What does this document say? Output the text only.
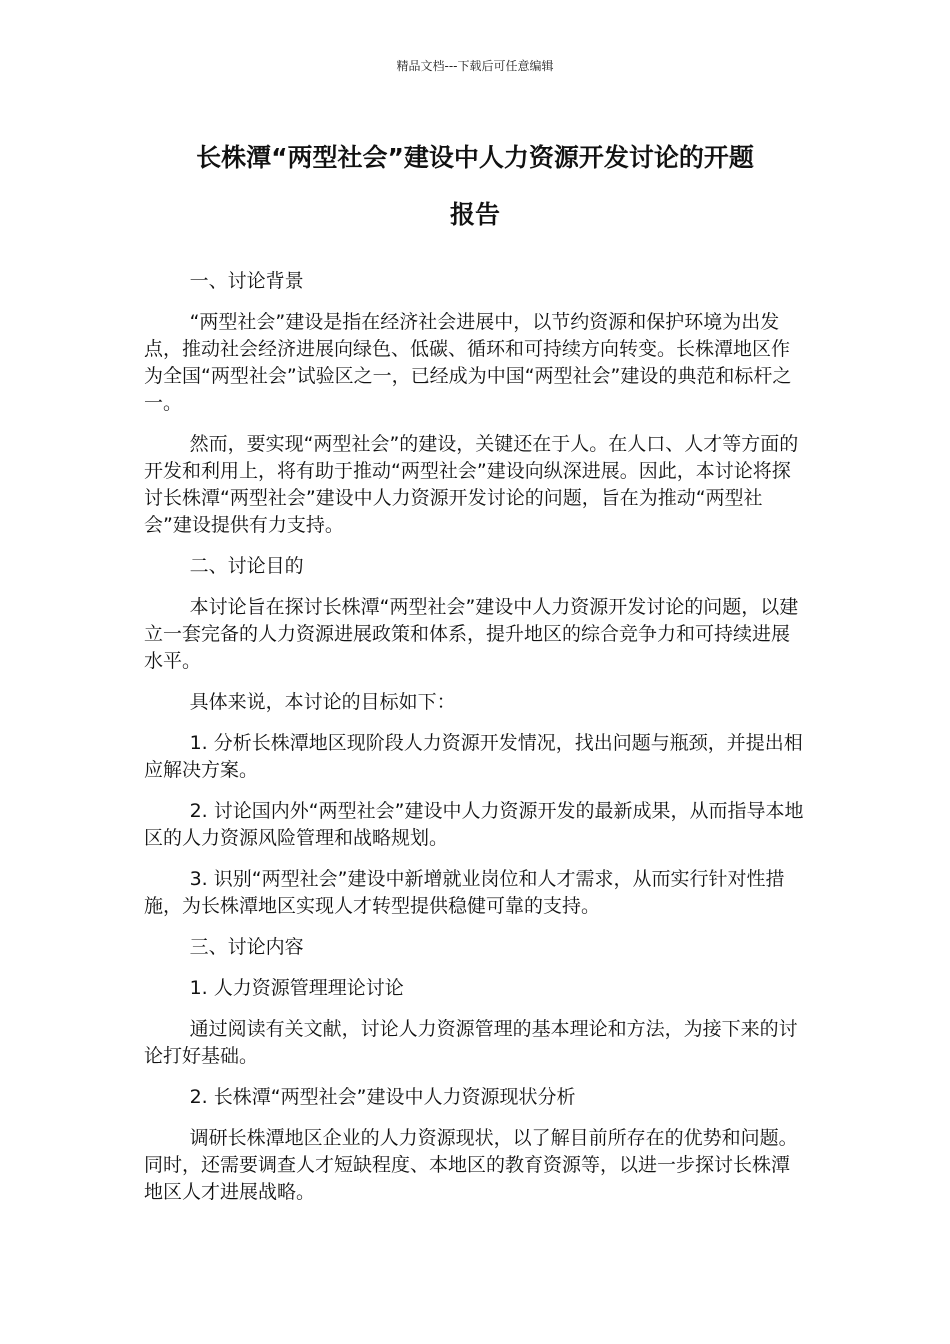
精品文档---下载后可任意编辑
长株潭“两型社会”建设中人力资源开发讨论的开题
报告

一、讨论背景

“两型社会”建设是指在经济社会进展中，以节约资源和保护环境为出发点，推动社会经济进展向绿色、低碳、循环和可持续方向转变。长株潭地区作为全国“两型社会”试验区之一，已经成为中国“两型社会”建设的典范和标杆之一。

然而，要实现“两型社会”的建设，关键还在于人。在人口、人才等方面的开发和利用上，将有助于推动“两型社会”建设向纵深进展。因此，本讨论将探讨长株潭“两型社会”建设中人力资源开发讨论的问题，旨在为推动“两型社会”建设提供有力支持。

二、讨论目的

本讨论旨在探讨长株潭“两型社会”建设中人力资源开发讨论的问题，以建立一套完备的人力资源进展政策和体系，提升地区的综合竞争力和可持续进展水平。

具体来说，本讨论的目标如下：

1. 分析长株潭地区现阶段人力资源开发情况，找出问题与瓶颈，并提出相应解决方案。

2. 讨论国内外“两型社会”建设中人力资源开发的最新成果，从而指导本地区的人力资源风险管理和战略规划。

3. 识别“两型社会”建设中新增就业岗位和人才需求，从而实行针对性措施，为长株潭地区实现人才转型提供稳健可靠的支持。

三、讨论内容

1. 人力资源管理理论讨论

通过阅读有关文献，讨论人力资源管理的基本理论和方法，为接下来的讨论打好基础。

2. 长株潭“两型社会”建设中人力资源现状分析

调研长株潭地区企业的人力资源现状，以了解目前所存在的优势和问题。同时，还需要调查人才短缺程度、本地区的教育资源等，以进一步探讨长株潭地区人才进展战略。
